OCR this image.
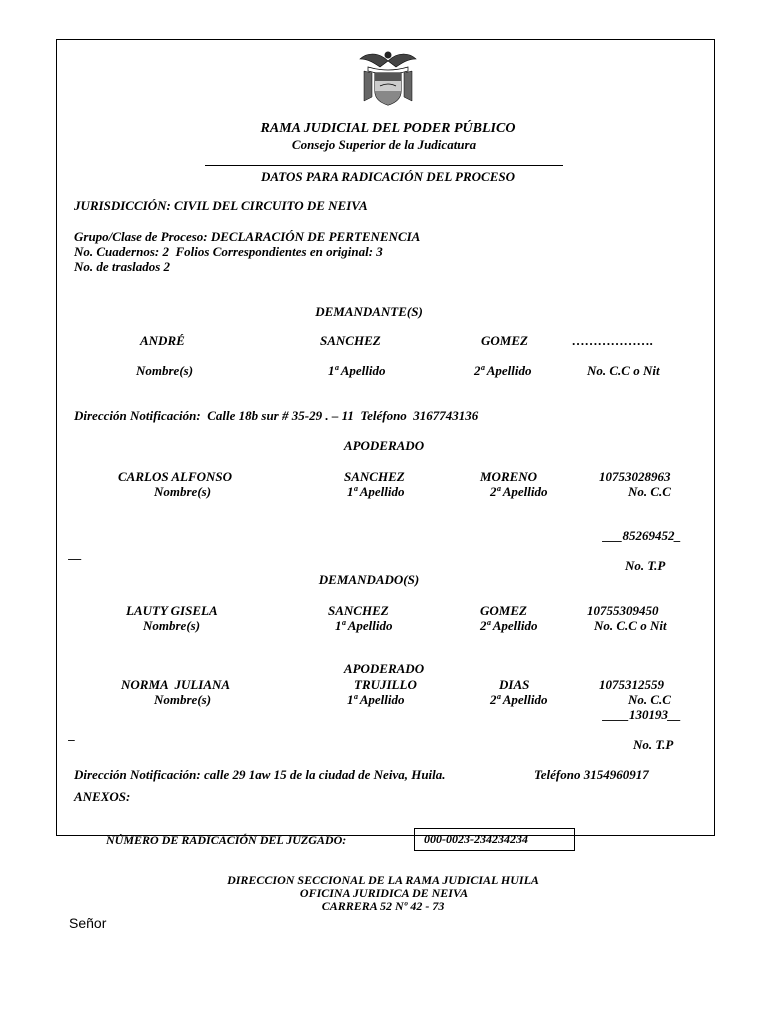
RAMA JUDICIAL DEL PODER PÚBLICO
Consejo Superior de la Judicatura
DATOS PARA RADICACIÓN DEL PROCESO
JURISDICCIÓN: CIVIL DEL CIRCUITO DE NEIVA
Grupo/Clase de Proceso: DECLARACIÓN DE PERTENENCIA
No. Cuadernos: 2  Folios Correspondientes en original: 3
No. de traslados 2
DEMANDANTE(S)
ANDRÉ	SANCHEZ	GOMEZ	……………….
Nombre(s)	1ª Apellido	2ª Apellido	No. C.C o Nit
Dirección Notificación:  Calle 18b sur # 35-29 . – 11  Teléfono  3167743136
APODERADO
CARLOS ALFONSO	SANCHEZ	MORENO	10753028963
Nombre(s)	1ª Apellido	2ª Apellido	No. C.C
___85269452_
__
No. T.P
DEMANDADO(S)
LAUTY GISELA	SANCHEZ	GOMEZ	10755309450
Nombre(s)	1ª Apellido	2ª Apellido	No. C.C o Nit
APODERADO
NORMA  JULIANA	TRUJILLO	DIAS	1075312559
Nombre(s)	1ª Apellido	2ª Apellido	No. C.C
____130193__
_
No. T.P
Dirección Notificación: calle 29 1aw 15 de la ciudad de Neiva, Huila.	Teléfono 3154960917
ANEXOS:
NÚMERO DE RADICACIÓN DEL JUZGADO:	000-0023-234234234
DIRECCION SECCIONAL DE LA RAMA JUDICIAL HUILA
OFICINA JURIDICA DE NEIVA
CARRERA 52 Nº 42 - 73
Señor
